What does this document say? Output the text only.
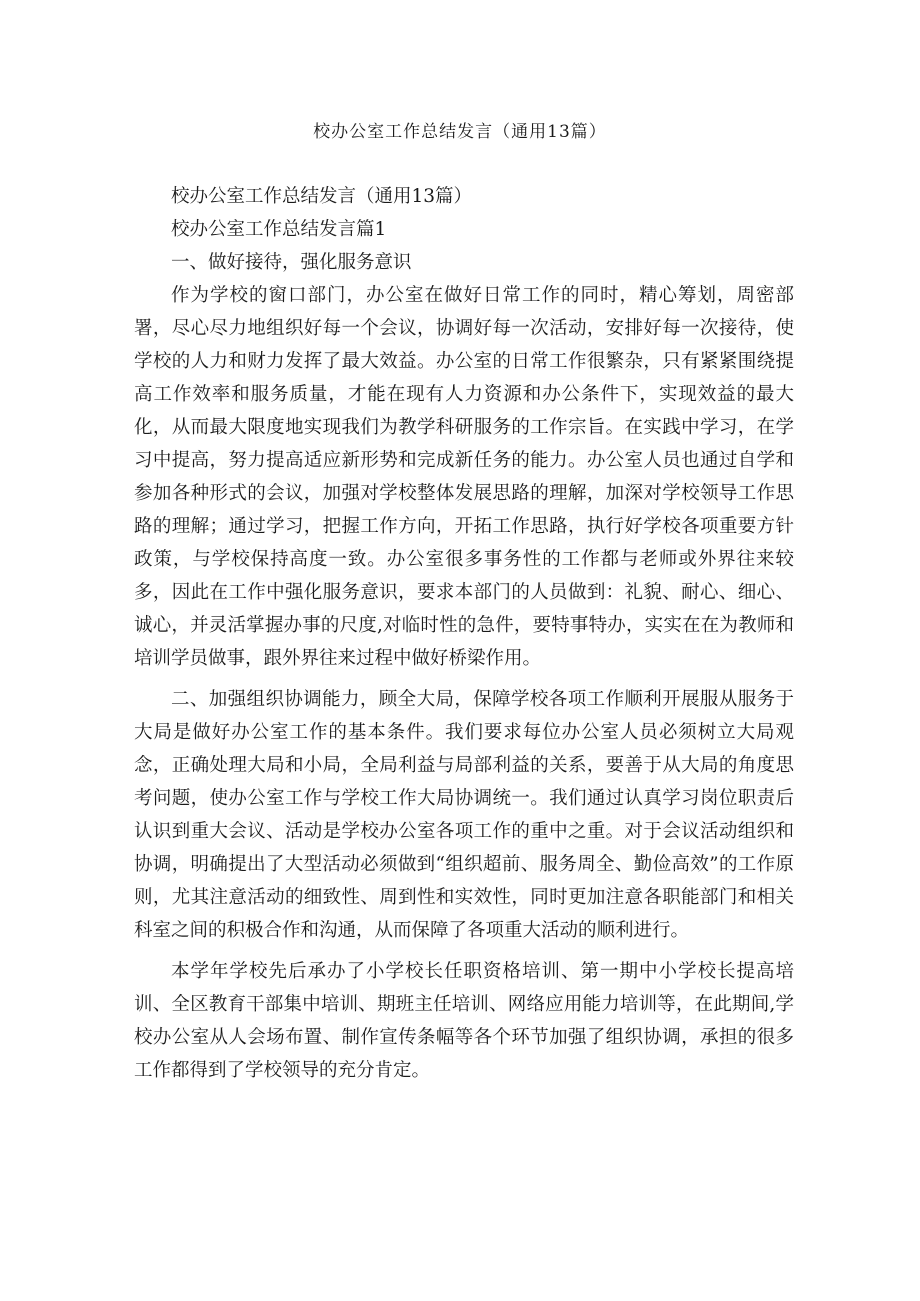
校办公室工作总结发言（通用13篇）

校办公室工作总结发言（通用13篇）

校办公室工作总结发言篇1

一、做好接待，强化服务意识

作为学校的窗口部门，办公室在做好日常工作的同时，精心筹划，周密部署，尽心尽力地组织好每一个会议，协调好每一次活动，安排好每一次接待，使学校的人力和财力发挥了最大效益。办公室的日常工作很繁杂，只有紧紧围绕提高工作效率和服务质量，才能在现有人力资源和办公条件下，实现效益的最大化，从而最大限度地实现我们为教学科研服务的工作宗旨。在实践中学习，在学习中提高，努力提高适应新形势和完成新任务的能力。办公室人员也通过自学和参加各种形式的会议，加强对学校整体发展思路的理解，加深对学校领导工作思路的理解；通过学习，把握工作方向，开拓工作思路，执行好学校各项重要方针政策，与学校保持高度一致。办公室很多事务性的工作都与老师或外界往来较多，因此在工作中强化服务意识，要求本部门的人员做到：礼貌、耐心、细心、诚心，并灵活掌握办事的尺度,对临时性的急件，要特事特办，实实在在为教师和培训学员做事，跟外界往来过程中做好桥梁作用。

二、加强组织协调能力，顾全大局，保障学校各项工作顺利开展服从服务于大局是做好办公室工作的基本条件。我们要求每位办公室人员必须树立大局观念，正确处理大局和小局，全局利益与局部利益的关系，要善于从大局的角度思考问题，使办公室工作与学校工作大局协调统一。我们通过认真学习岗位职责后认识到重大会议、活动是学校办公室各项工作的重中之重。对于会议活动组织和协调，明确提出了大型活动必须做到“组织超前、服务周全、勤俭高效”的工作原则，尤其注意活动的细致性、周到性和实效性，同时更加注意各职能部门和相关科室之间的积极合作和沟通，从而保障了各项重大活动的顺利进行。

本学年学校先后承办了小学校长任职资格培训、第一期中小学校长提高培训、全区教育干部集中培训、期班主任培训、网络应用能力培训等，在此期间,学校办公室从人会场布置、制作宣传条幅等各个环节加强了组织协调，承担的很多工作都得到了学校领导的充分肯定。
